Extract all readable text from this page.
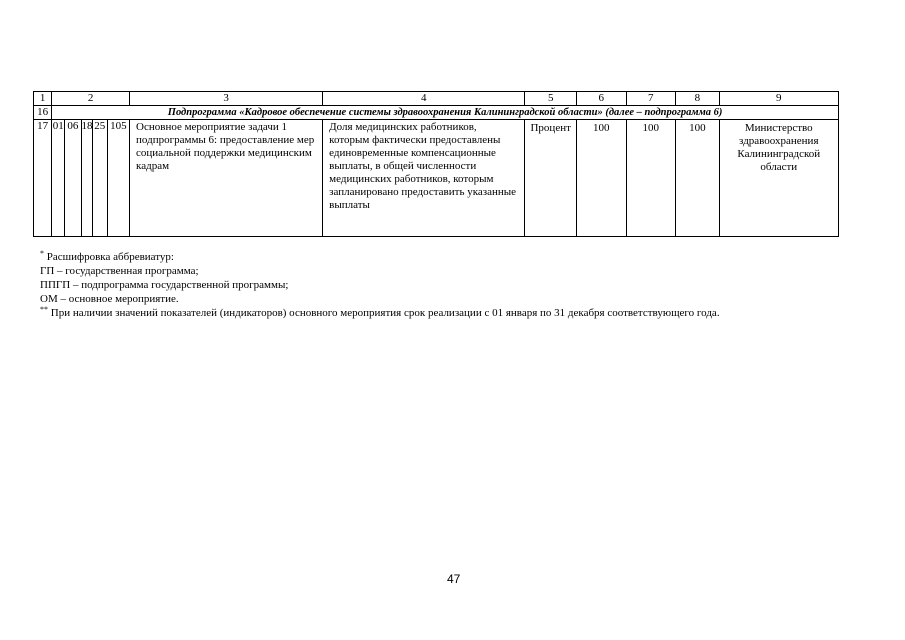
1	2					3	4	5	6	7	8	9
16	Подпрограмма «Кадровое обеспечение системы здравоохранения Калининградской области» (далее – подпрограмма 6)											
17	01	06	18	25	105	Основное мероприятие задачи 1 подпрограммы 6: предоставление мер социальной поддержки медицинским кадрам	Доля медицинских работников, которым фактически предоставлены единовременные компенсационные выплаты, в общей численности медицинских работников, которым запланировано предоставить указанные выплаты	Процент	100	100	100	Министерство здравоохранения Калининградской области
* Расшифровка аббревиатур:
ГП – государственная программа;
ППГП – подпрограмма государственной программы;
ОМ – основное мероприятие.
** При наличии значений показателей (индикаторов) основного мероприятия срок реализации с 01 января по 31 декабря соответствующего года.
47
